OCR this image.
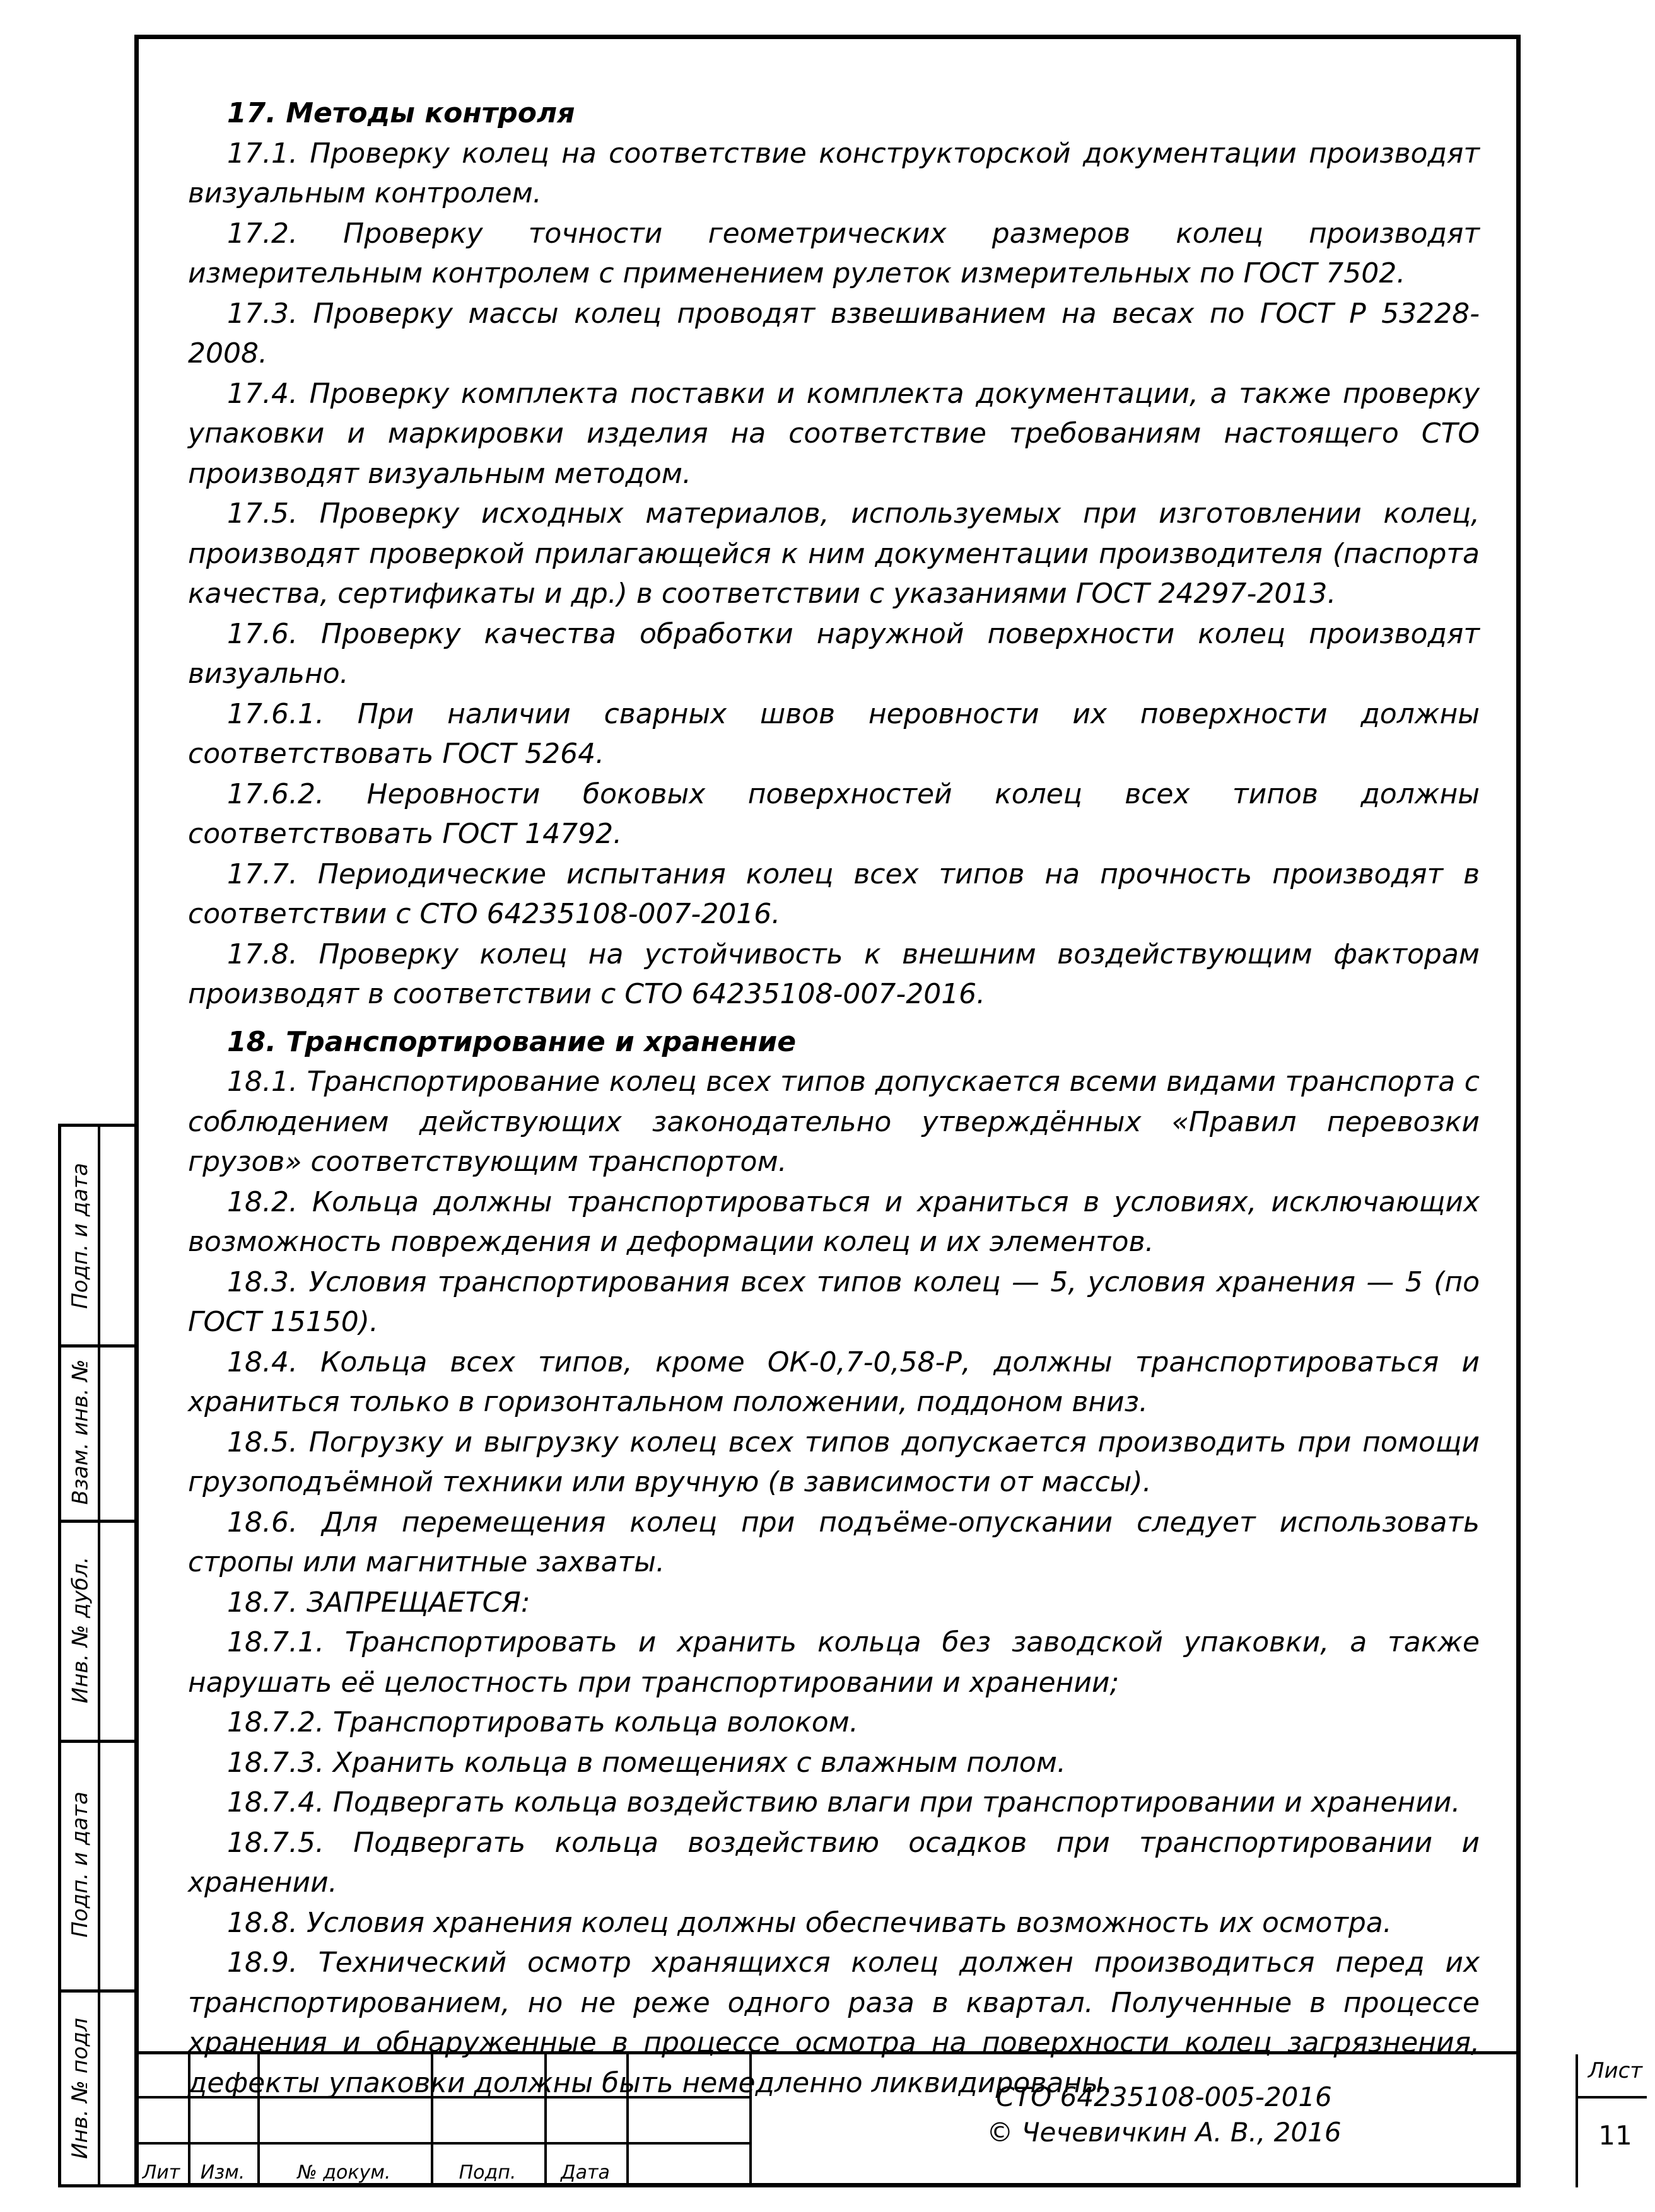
17. Методы контроля

17.1. Проверку колец на соответствие конструкторской документации производят визуальным контролем.

17.2. Проверку точности геометрических размеров колец производят измерительным контролем с применением рулеток измерительных по ГОСТ 7502.

17.3. Проверку массы колец проводят взвешиванием на весах по ГОСТ Р 53228-2008.

17.4. Проверку комплекта поставки и комплекта документации, а также проверку упаковки и маркировки изделия на соответствие требованиям настоящего СТО производят визуальным методом.

17.5. Проверку исходных материалов, используемых при изготовлении колец, производят проверкой прилагающейся к ним документации производителя (паспорта качества, сертификаты и др.) в соответствии с указаниями ГОСТ 24297-2013.

17.6. Проверку качества обработки наружной поверхности колец производят визуально.

17.6.1. При наличии сварных швов неровности их поверхности должны соответствовать ГОСТ 5264.

17.6.2. Неровности боковых поверхностей колец всех типов должны соответствовать ГОСТ 14792.

17.7. Периодические испытания колец всех типов на прочность производят в соответствии с СТО 64235108-007-2016.

17.8. Проверку колец на устойчивость к внешним воздействующим факторам производят в соответствии с СТО 64235108-007-2016.

18. Транспортирование и хранение

18.1. Транспортирование колец всех типов допускается всеми видами транспорта с соблюдением действующих законодательно утверждённых «Правил перевозки грузов» соответствующим транспортом.

18.2. Кольца должны транспортироваться и храниться в условиях, исключающих возможность повреждения и деформации колец и их элементов.

18.3. Условия транспортирования всех типов колец — 5, условия хранения — 5 (по ГОСТ 15150).

18.4. Кольца всех типов, кроме ОК-0,7-0,58-Р, должны транспортироваться и храниться только в горизонтальном положении, поддоном вниз.

18.5. Погрузку и выгрузку колец всех типов допускается производить при помощи грузоподъёмной техники или вручную (в зависимости от массы).

18.6. Для перемещения колец при подъёме-опускании следует использовать стропы или магнитные захваты.

18.7. ЗАПРЕЩАЕТСЯ:

18.7.1. Транспортировать и хранить кольца без заводской упаковки, а также нарушать её целостность при транспортировании и хранении;

18.7.2. Транспортировать кольца волоком.

18.7.3. Хранить кольца в помещениях с влажным полом.

18.7.4. Подвергать кольца воздействию влаги при транспортировании и хранении.

18.7.5. Подвергать кольца воздействию осадков при транспортировании и хранении.

18.8. Условия хранения колец должны обеспечивать возможность их осмотра.

18.9. Технический осмотр хранящихся колец должен производиться перед их транспортированием, но не реже одного раза в квартал. Полученные в процессе хранения и обнаруженные в процессе осмотра на поверхности колец загрязнения, дефекты упаковки должны быть немедленно ликвидированы.

Подп. и дата
Взам. инв. №
Инв. № дубл.
Подп. и дата
Инв. № подл
Лит	Изм.	№ докум.	Подп.	Дата
СТО 64235108-005-2016
© Чечевичкин А. В., 2016
Лист
11
